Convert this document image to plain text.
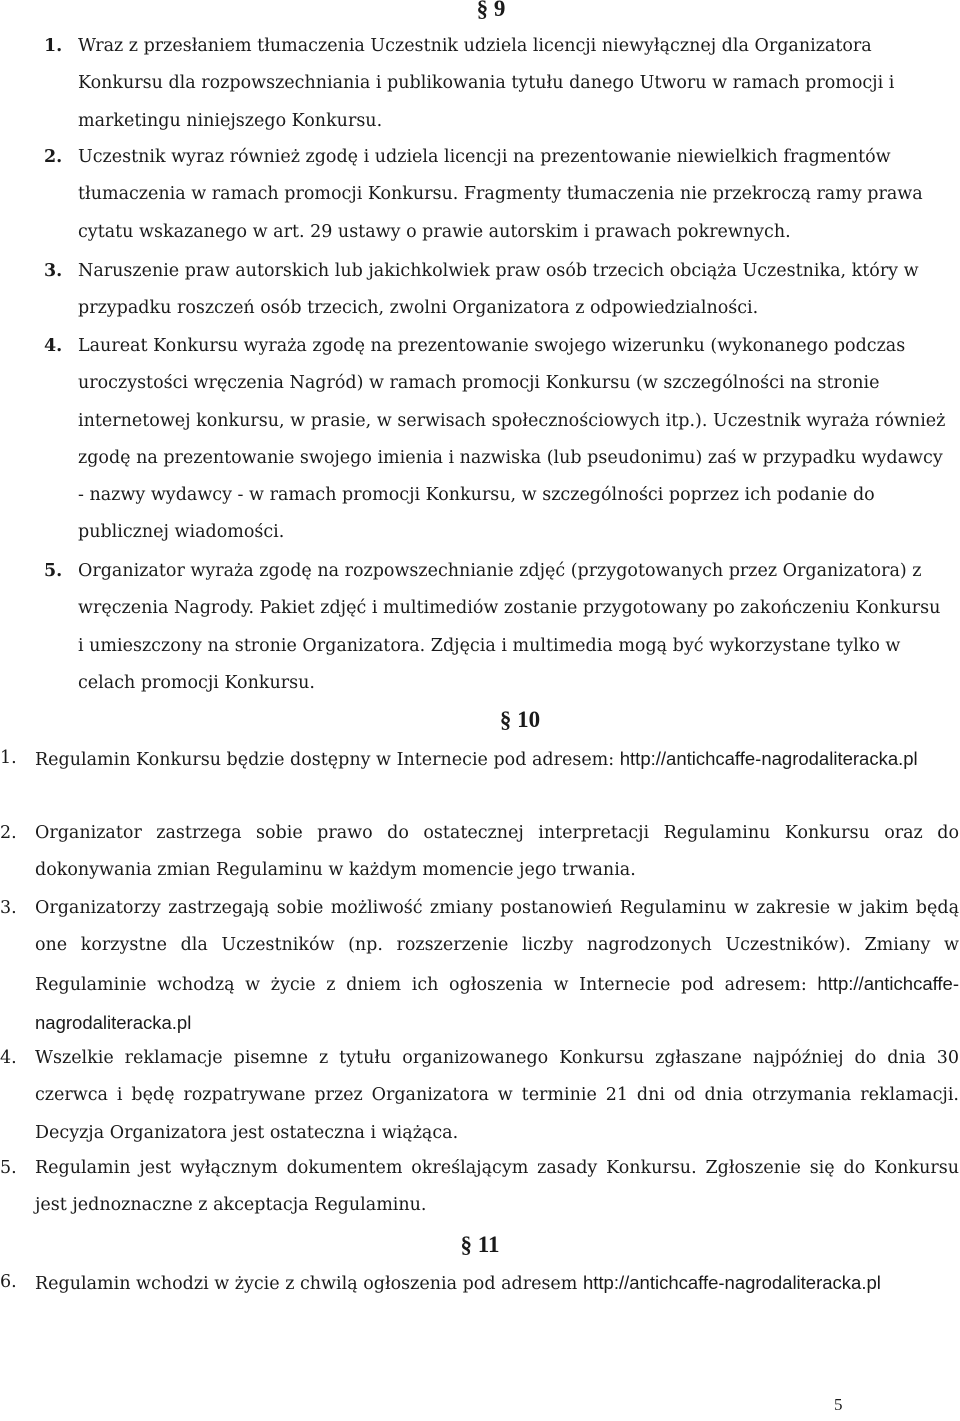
§ 9
1. Wraz z przesłaniem tłumaczenia Uczestnik udziela licencji niewyłącznej dla Organizatora Konkursu dla rozpowszechniania i publikowania tytułu danego Utworu w ramach promocji i marketingu niniejszego Konkursu.

2. Uczestnik wyraz również zgodę i udziela licencji na prezentowanie niewielkich fragmentów tłumaczenia w ramach promocji Konkursu. Fragmenty tłumaczenia nie przekroczą ramy prawa cytatu wskazanego w art. 29 ustawy o prawie autorskim i prawach pokrewnych.

3. Naruszenie praw autorskich lub jakichkolwiek praw osób trzecich obciąża Uczestnika, który w przypadku roszczeń osób trzecich, zwolni Organizatora z odpowiedzialności.

4. Laureat Konkursu wyraża zgodę na prezentowanie swojego wizerunku (wykonanego podczas uroczystości wręczenia Nagród) w ramach promocji Konkursu (w szczególności na stronie internetowej konkursu, w prasie, w serwisach społecznościowych itp.). Uczestnik wyraża również zgodę na prezentowanie swojego imienia i nazwiska (lub pseudonimu) zaś w przypadku wydawcy - nazwy wydawcy - w ramach promocji Konkursu, w szczególności poprzez ich podanie do publicznej wiadomości.

5. Organizator wyraża zgodę na rozpowszechnianie zdjęć (przygotowanych przez Organizatora) z wręczenia Nagrody. Pakiet zdjęć i multimediów zostanie przygotowany po zakończeniu Konkursu i umieszczony na stronie Organizatora. Zdjęcia i multimedia mogą być wykorzystane tylko w celach promocji Konkursu.

§ 10
1. Regulamin Konkursu będzie dostępny w Internecie pod adresem: http://antichcaffe-nagrodaliteracka.pl

2. Organizator zastrzega sobie prawo do ostatecznej interpretacji Regulaminu Konkursu oraz do dokonywania zmian Regulaminu w każdym momencie jego trwania.

3. Organizatorzy zastrzegają sobie możliwość zmiany postanowień Regulaminu w zakresie w jakim będą one korzystne dla Uczestników (np. rozszerzenie liczby nagrodzonych Uczestników). Zmiany w Regulaminie wchodzą w życie z dniem ich ogłoszenia w Internecie pod adresem: http://antichcaffe-nagrodaliteracka.pl

4. Wszelkie reklamacje pisemne z tytułu organizowanego Konkursu zgłaszane najpóźniej do dnia 30 czerwca i będę rozpatrywane przez Organizatora w terminie 21 dni od dnia otrzymania reklamacji. Decyzja Organizatora jest ostateczna i wiążąca.

5. Regulamin jest wyłącznym dokumentem określającym zasady Konkursu. Zgłoszenie się do Konkursu jest jednoznaczne z akceptacja Regulaminu.

§ 11
6. Regulamin wchodzi w życie z chwilą ogłoszenia pod adresem http://antichcaffe-nagrodaliteracka.pl

5
